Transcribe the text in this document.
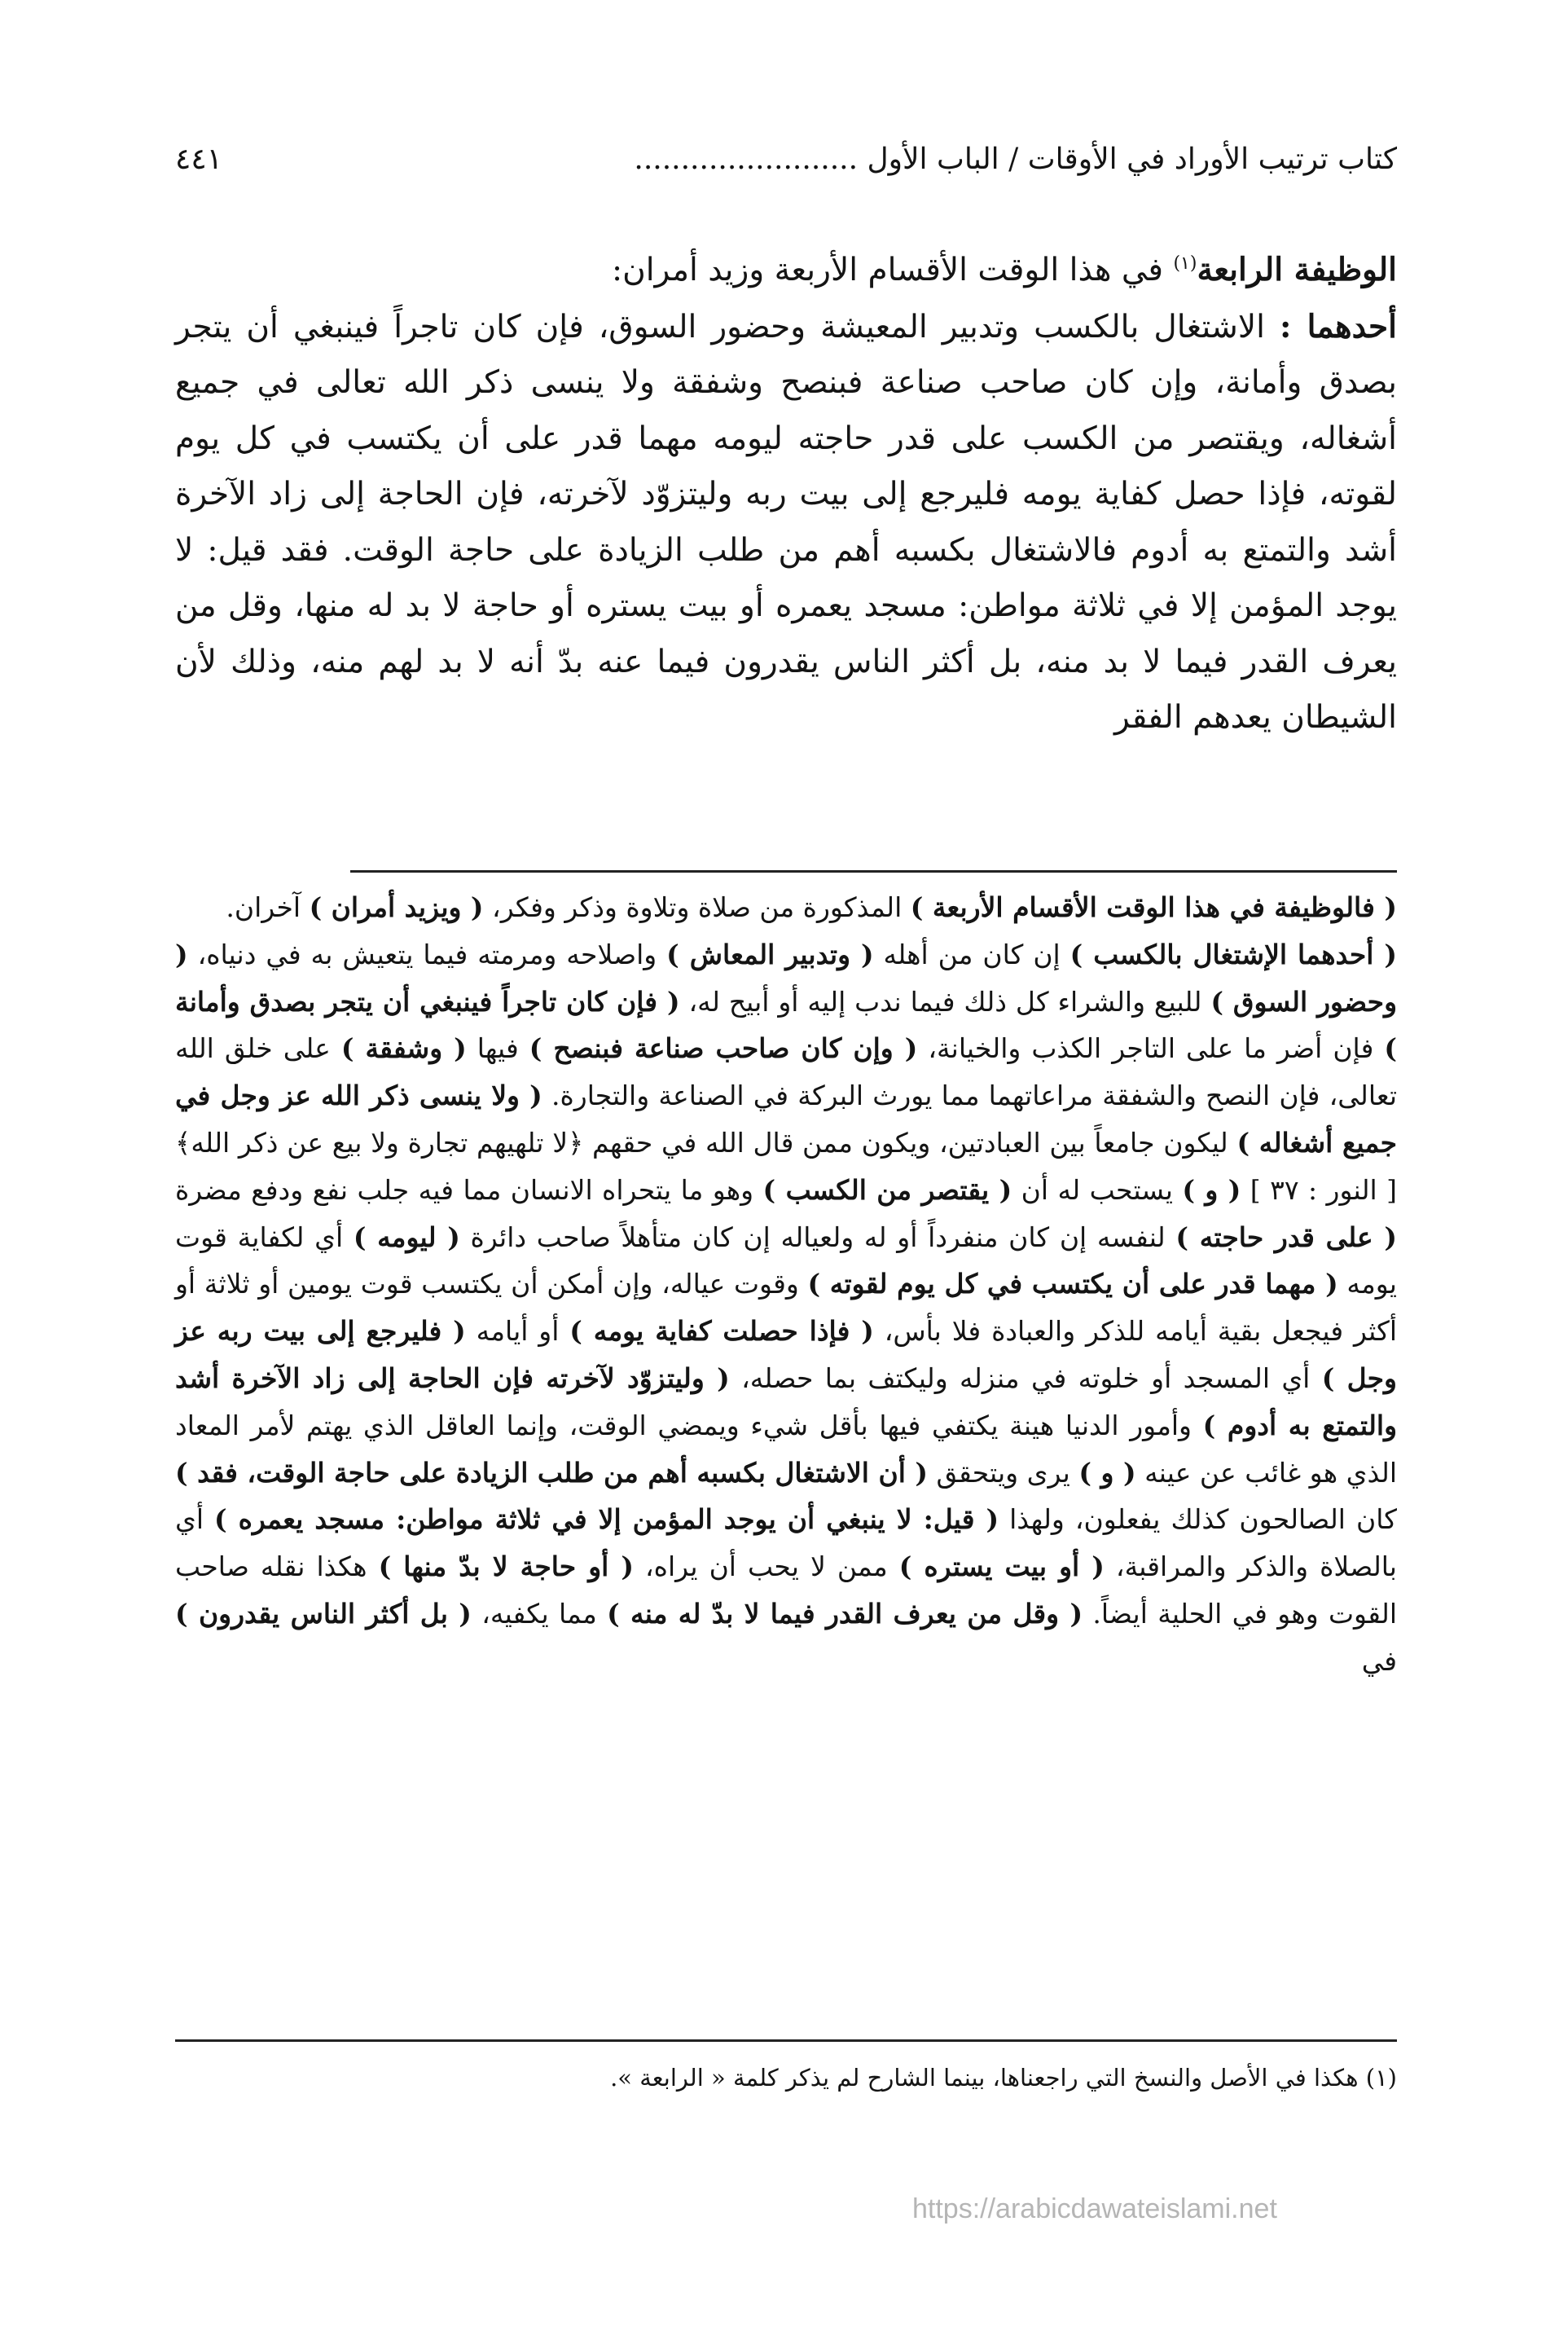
كتاب ترتيب الأوراد في الأوقات / الباب الأول ........................
٤٤١

الوظيفة الرابعة$^{(١)}$ في هذا الوقت الأقسام الأربعة وزيد أمران:

أحدهما : الاشتغال بالكسب وتدبير المعيشة وحضور السوق، فإن كان تاجراً فينبغي أن يتجر بصدق وأمانة، وإن كان صاحب صناعة فبنصح وشفقة ولا ينسى ذكر الله تعالى في جميع أشغاله، ويقتصر من الكسب على قدر حاجته ليومه مهما قدر على أن يكتسب في كل يوم لقوته، فإذا حصل كفاية يومه فليرجع إلى بيت ربه وليتزوّد لآخرته، فإن الحاجة إلى زاد الآخرة أشد والتمتع به أدوم فالاشتغال بكسبه أهم من طلب الزيادة على حاجة الوقت. فقد قيل: لا يوجد المؤمن إلا في ثلاثة مواطن: مسجد يعمره أو بيت يستره أو حاجة لا بد له منها، وقل من يعرف القدر فيما لا بد منه، بل أكثر الناس يقدرون فيما عنه بدّ أنه لا بد لهم منه، وذلك لأن الشيطان يعدهم الفقر

( فالوظيفة في هذا الوقت الأقسام الأربعة ) المذكورة من صلاة وتلاوة وذكر وفكر، ( ويزيد أمران ) آخران.

( أحدهما الإشتغال بالكسب ) إن كان من أهله ( وتدبير المعاش ) واصلاحه ومرمته فيما يتعيش به في دنياه، ( وحضور السوق ) للبيع والشراء كل ذلك فيما ندب إليه أو أبيح له، ( فإن كان تاجراً فينبغي أن يتجر بصدق وأمانة ) فإن أضر ما على التاجر الكذب والخيانة، ( وإن كان صاحب صناعة فبنصح ) فيها ( وشفقة ) على خلق الله تعالى، فإن النصح والشفقة مراعاتهما مما يورث البركة في الصناعة والتجارة. ( ولا ينسى ذكر الله عز وجل في جميع أشغاله ) ليكون جامعاً بين العبادتين، ويكون ممن قال الله في حقهم ﴿لا تلهيهم تجارة ولا بيع عن ذكر الله﴾ [ النور : ٣٧ ] ( و ) يستحب له أن ( يقتصر من الكسب ) وهو ما يتحراه الانسان مما فيه جلب نفع ودفع مضرة ( على قدر حاجته ) لنفسه إن كان منفرداً أو له ولعياله إن كان متأهلاً صاحب دائرة ( ليومه ) أي لكفاية قوت يومه ( مهما قدر على أن يكتسب في كل يوم لقوته ) وقوت عياله، وإن أمكن أن يكتسب قوت يومين أو ثلاثة أو أكثر فيجعل بقية أيامه للذكر والعبادة فلا بأس، ( فإذا حصلت كفاية يومه ) أو أيامه ( فليرجع إلى بيت ربه عز وجل ) أي المسجد أو خلوته في منزله وليكتف بما حصله، ( وليتزوّد لآخرته فإن الحاجة إلى زاد الآخرة أشد والتمتع به أدوم ) وأمور الدنيا هينة يكتفي فيها بأقل شيء ويمضي الوقت، وإنما العاقل الذي يهتم لأمر المعاد الذي هو غائب عن عينه ( و ) يرى ويتحقق ( أن الاشتغال بكسبه أهم من طلب الزيادة على حاجة الوقت، فقد ) كان الصالحون كذلك يفعلون، ولهذا ( قيل: لا ينبغي أن يوجد المؤمن إلا في ثلاثة مواطن: مسجد يعمره ) أي بالصلاة والذكر والمراقبة، ( أو بيت يستره ) ممن لا يحب أن يراه، ( أو حاجة لا بدّ منها ) هكذا نقله صاحب القوت وهو في الحلية أيضاً. ( وقل من يعرف القدر فيما لا بدّ له منه ) مما يكفيه، ( بل أكثر الناس يقدرون ) في

(١) هكذا في الأصل والنسخ التي راجعناها، بينما الشارح لم يذكر كلمة « الرابعة ».
https://arabicdawateislami.net
